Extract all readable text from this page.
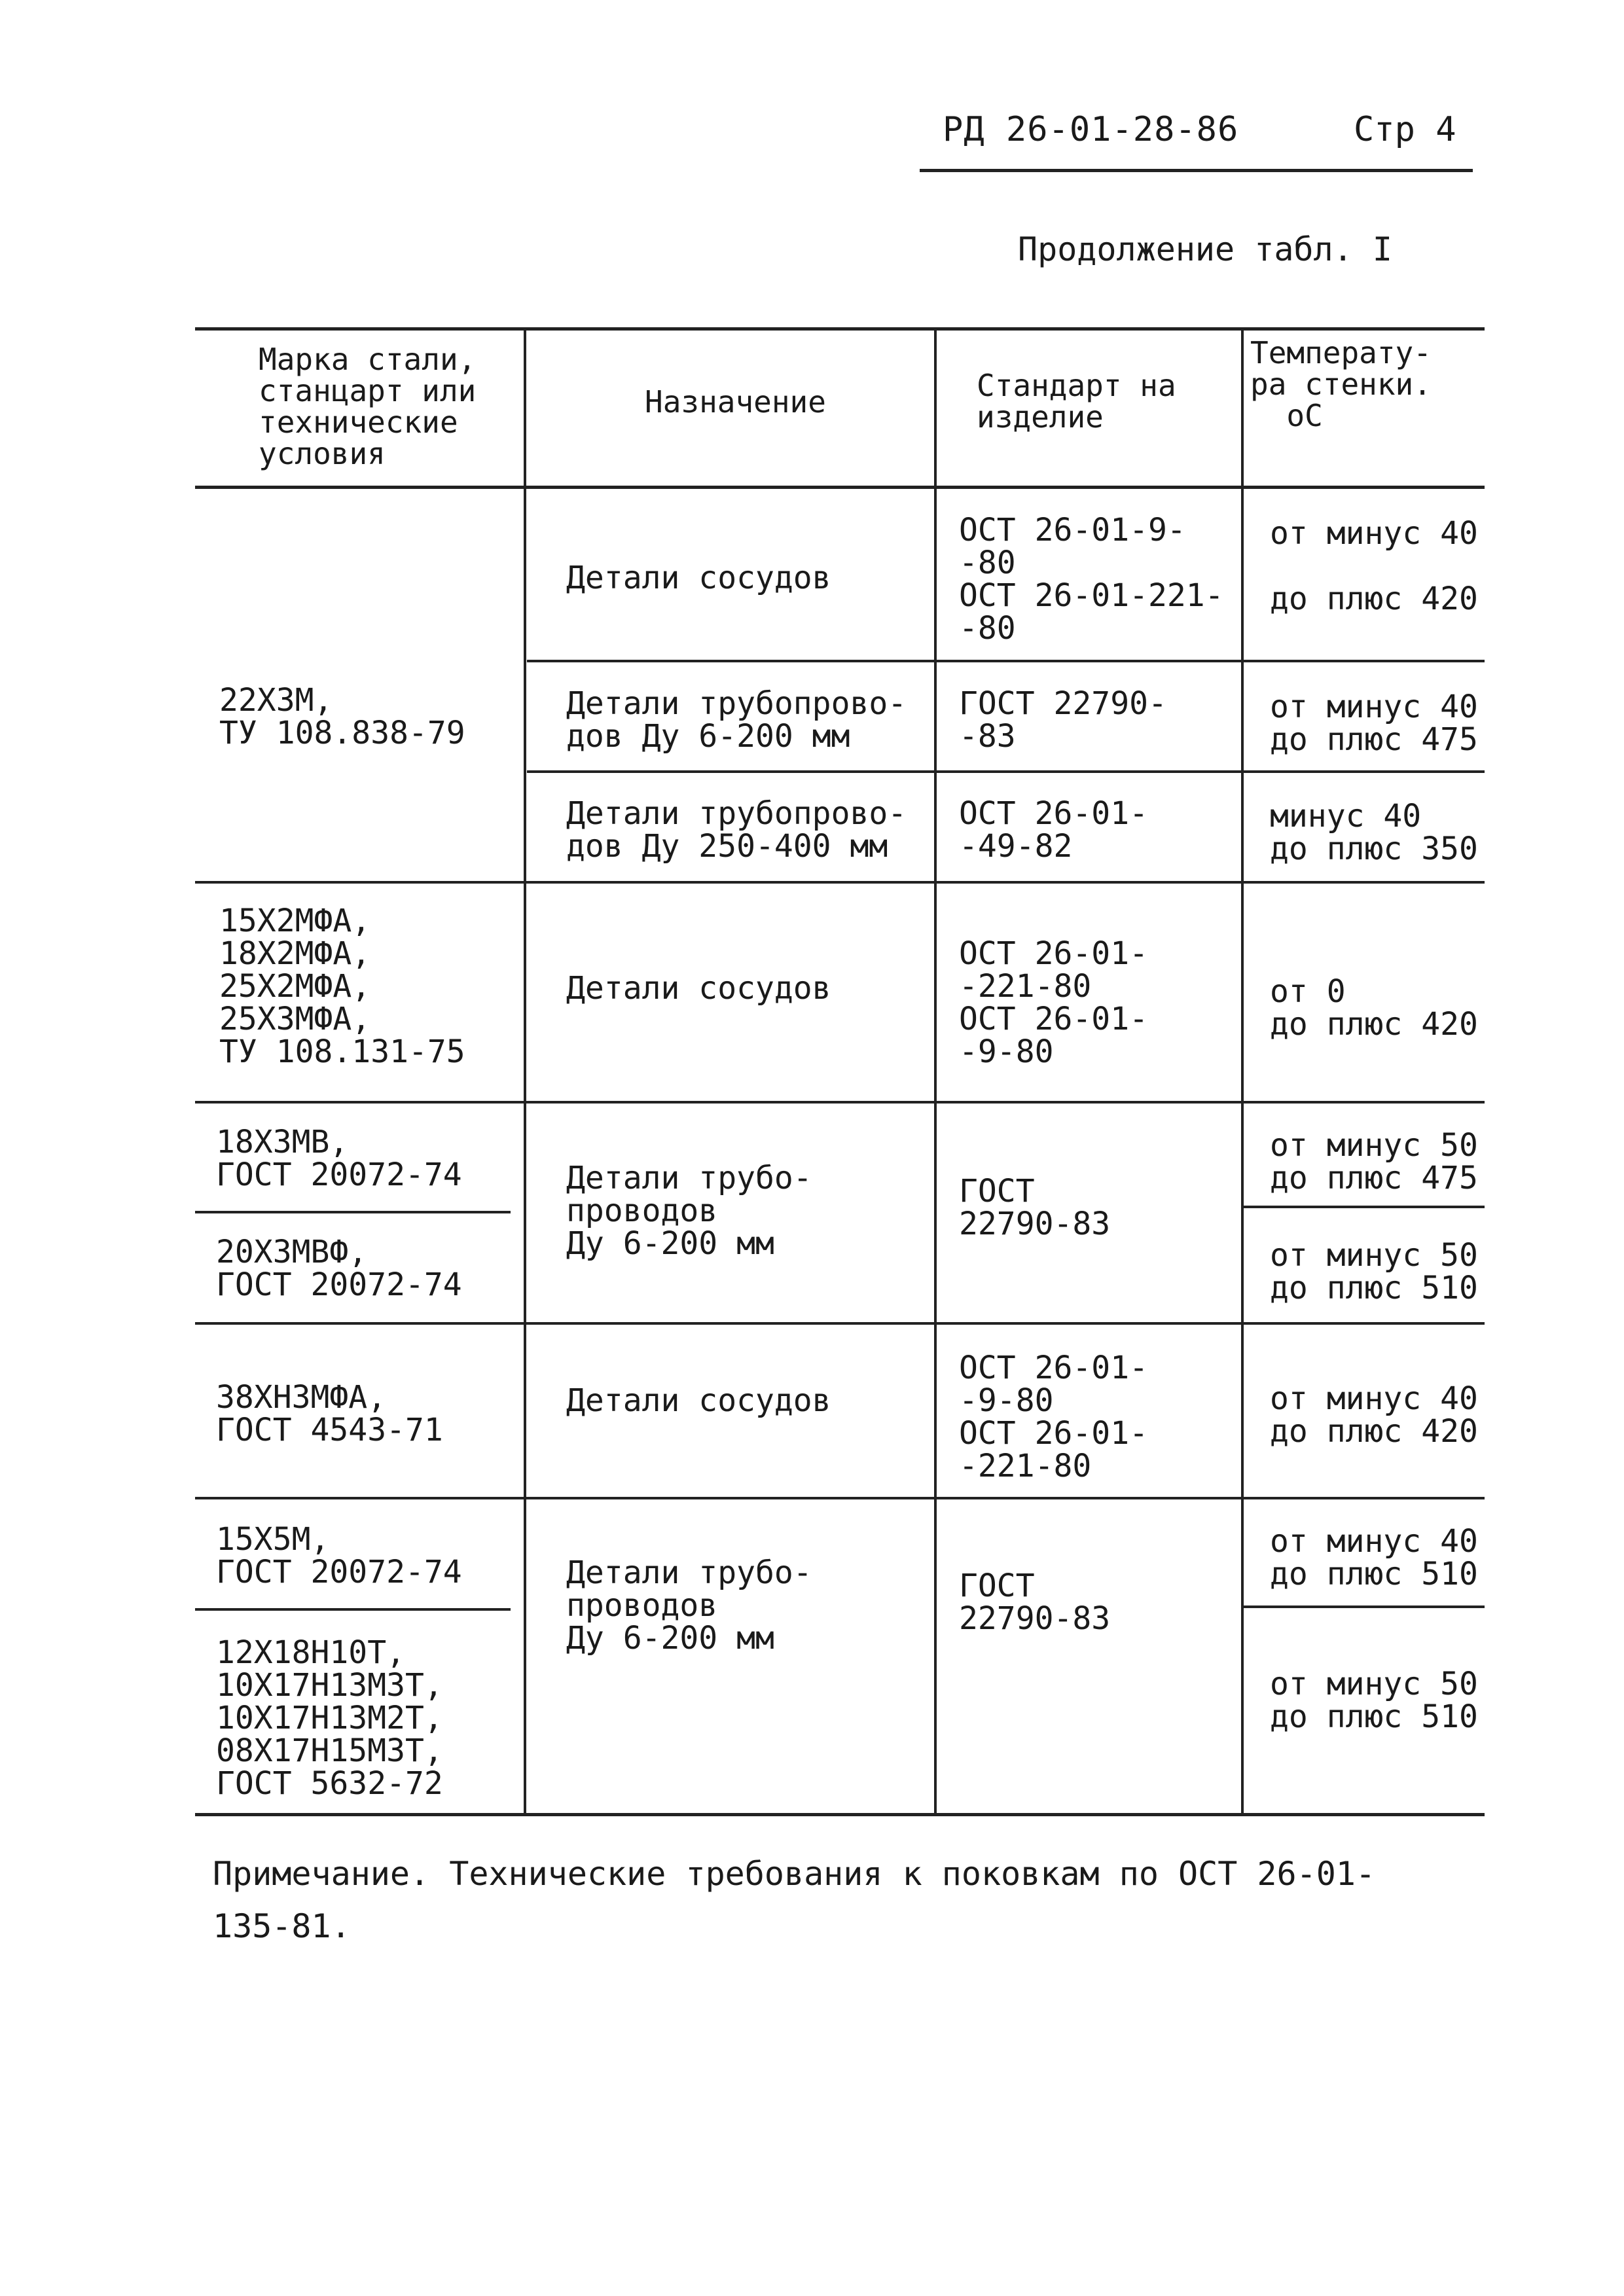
РД 26-01-28-86	Стр 4
Продолжение табл. I
Марка стали,
станцарт или
технические
условия
Назначение	Стандарт на
изделие
Температу-
ра стенки.
оС
22Х3М,
ТУ 108.838-79
Детали сосудов
ОСТ 26-01-9-
-80
ОСТ 26-01-221-
-80
от минус 40

до плюс 420
Детали трубопрово-
дов Ду 6-200 мм
ГОСТ 22790-
-83
от минус 40
до плюс 475
Детали трубопрово-
дов Ду 250-400 мм
ОСТ 26-01-
-49-82
минус 40
до плюс 350
15Х2МФА,
18Х2МФА,
25Х2МФА,
25Х3МФА,
ТУ 108.131-75
Детали сосудов
ОСТ 26-01-
-221-80
ОСТ 26-01-
-9-80
от 0
до плюс 420
18Х3МВ,
ГОСТ 20072-74
20Х3МВФ,
ГОСТ 20072-74
Детали трубо-
проводов
Ду 6-200 мм
ГОСТ
22790-83
от минус 50
до плюс 475
от минус 50
до плюс 510
38ХН3МФА,
ГОСТ 4543-71
Детали сосудов
ОСТ 26-01-
-9-80
ОСТ 26-01-
-221-80
от минус 40
до плюс 420
15Х5М,
ГОСТ 20072-74
12Х18Н10Т,
10Х17Н13М3Т,
10Х17Н13М2Т,
08Х17Н15М3Т,
ГОСТ 5632-72
Детали трубо-
проводов
Ду 6-200 мм
ГОСТ
22790-83
от минус 40
до плюс 510
от минус 50
до плюс 510
Примечание. Технические требования к поковкам по ОСТ 26-01-
135-81.
